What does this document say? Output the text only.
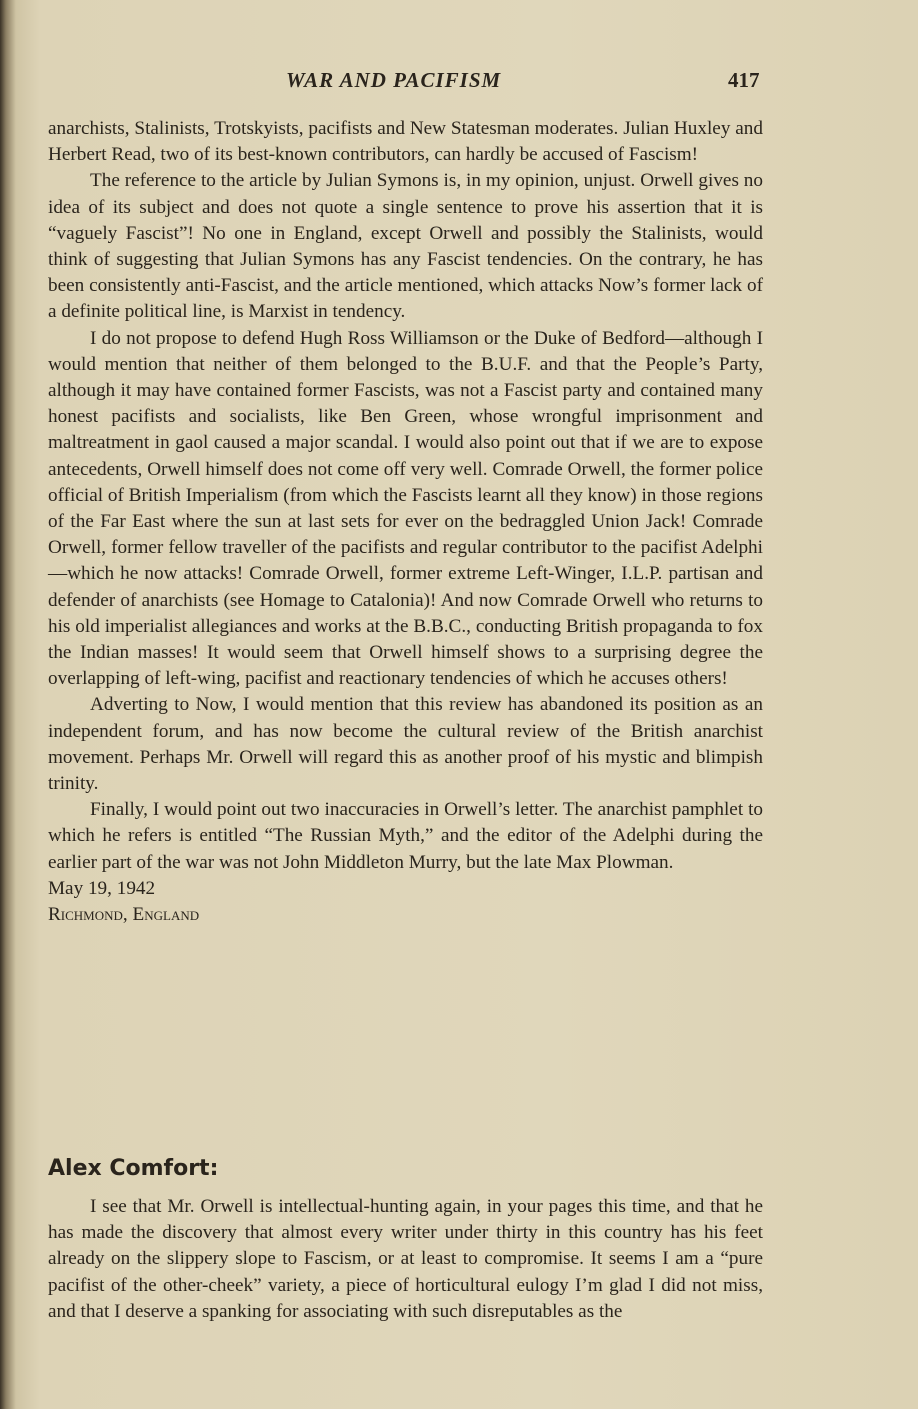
WAR AND PACIFISM	417

anarchists, Stalinists, Trotskyists, pacifists and New Statesman moderates. Julian Huxley and Herbert Read, two of its best-known contributors, can hardly be accused of Fascism!

The reference to the article by Julian Symons is, in my opinion, unjust. Orwell gives no idea of its subject and does not quote a single sentence to prove his assertion that it is “vaguely Fascist”! No one in England, except Orwell and possibly the Stalinists, would think of suggesting that Julian Symons has any Fascist tendencies. On the contrary, he has been consistently anti-Fascist, and the article mentioned, which attacks Now’s former lack of a definite political line, is Marxist in tendency.

I do not propose to defend Hugh Ross Williamson or the Duke of Bedford—although I would mention that neither of them belonged to the B.U.F. and that the People’s Party, although it may have contained former Fascists, was not a Fascist party and contained many honest pacifists and socialists, like Ben Green, whose wrongful imprisonment and maltreatment in gaol caused a major scandal. I would also point out that if we are to expose antecedents, Orwell himself does not come off very well. Comrade Orwell, the former police official of British Imperialism (from which the Fascists learnt all they know) in those regions of the Far East where the sun at last sets for ever on the bedraggled Union Jack! Comrade Orwell, former fellow traveller of the pacifists and regular contributor to the pacifist Adelphi—which he now attacks! Comrade Orwell, former extreme Left-Winger, I.L.P. partisan and defender of anarchists (see Homage to Catalonia)! And now Comrade Orwell who returns to his old imperialist allegiances and works at the B.B.C., conducting British propaganda to fox the Indian masses! It would seem that Orwell himself shows to a surprising degree the overlapping of left-wing, pacifist and reactionary tendencies of which he accuses others!

Adverting to Now, I would mention that this review has abandoned its position as an independent forum, and has now become the cultural review of the British anarchist movement. Perhaps Mr. Orwell will regard this as another proof of his mystic and blimpish trinity.

Finally, I would point out two inaccuracies in Orwell’s letter. The anarchist pamphlet to which he refers is entitled “The Russian Myth,” and the editor of the Adelphi during the earlier part of the war was not John Middleton Murry, but the late Max Plowman.

May 19, 1942
Richmond, England
Alex Comfort:

I see that Mr. Orwell is intellectual-hunting again, in your pages this time, and that he has made the discovery that almost every writer under thirty in this country has his feet already on the slippery slope to Fascism, or at least to compromise. It seems I am a “pure pacifist of the other-cheek” variety, a piece of horticultural eulogy I’m glad I did not miss, and that I deserve a spanking for associating with such disreputables as the
